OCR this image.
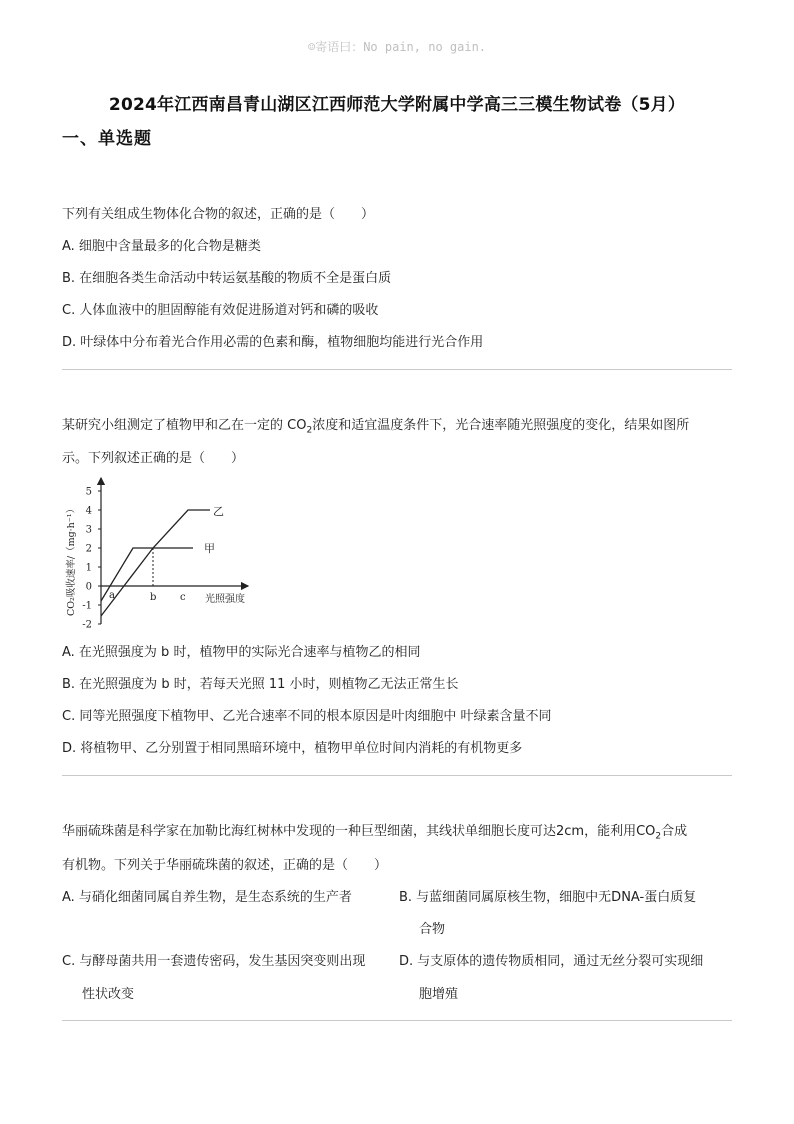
☺寄语曰：No pain, no gain.
2024年江西南昌青山湖区江西师范大学附属中学高三三模生物试卷（5月）
一、单选题
下列有关组成生物体化合物的叙述，正确的是（　　）
A. 细胞中含量最多的化合物是糖类
B. 在细胞各类生命活动中转运氨基酸的物质不全是蛋白质
C. 人体血液中的胆固醇能有效促进肠道对钙和磷的吸收
D. 叶绿体中分布着光合作用必需的色素和酶，植物细胞均能进行光合作用
某研究小组测定了植物甲和乙在一定的 $CO_2$浓度和适宜温度条件下，光合速率随光照强度的变化，结果如图所
示。下列叙述正确的是（　　）
5
4
3
2
1
0
-1
-2
a	b c
乙
甲
光照强度
CO₂吸收速率/（mg·h⁻¹）
A. 在光照强度为 b 时，植物甲的实际光合速率与植物乙的相同
B. 在光照强度为 b 时，若每天光照 11 小时，则植物乙无法正常生长
C. 同等光照强度下植物甲、乙光合速率不同的根本原因是叶肉细胞中 叶绿素含量不同
D. 将植物甲、乙分别置于相同黑暗环境中，植物甲单位时间内消耗的有机物更多
华丽硫珠菌是科学家在加勒比海红树林中发现的一种巨型细菌，其线状单细胞长度可达2cm，能利用$CO_2$合成
有机物。下列关于华丽硫珠菌的叙述，正确的是（　　）
A. 与硝化细菌同属自养生物，是生态系统的生产者	B. 与蓝细菌同属原核生物，细胞中无DNA-蛋白质复
合物
C. 与酵母菌共用一套遗传密码，发生基因突变则出现
性状改变
D. 与支原体的遗传物质相同，通过无丝分裂可实现细
胞增殖
